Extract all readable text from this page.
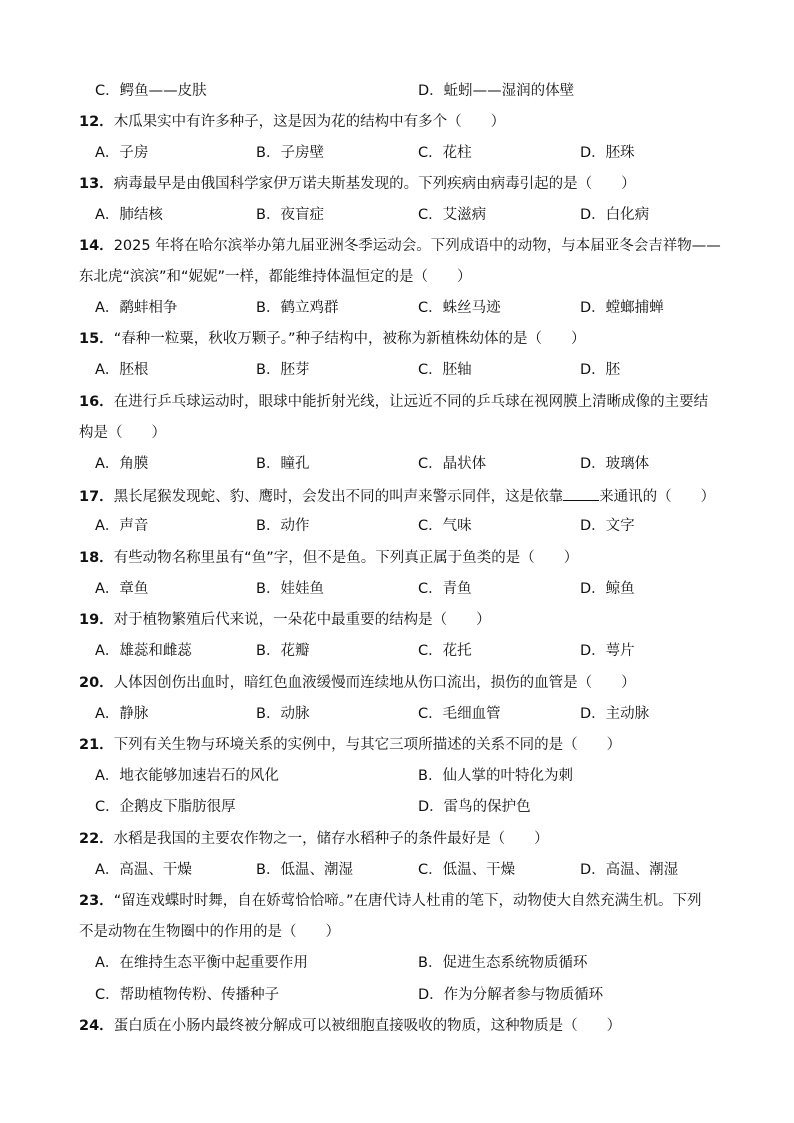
C．鳄鱼——皮肤	D．蚯蚓——湿润的体壁
12．木瓜果实中有许多种子，这是因为花的结构中有多个（　　）
A．子房	B．子房壁	C．花柱	D．胚珠
13．病毒最早是由俄国科学家伊万诺夫斯基发现的。下列疾病由病毒引起的是（　　）
A．肺结核	B．夜盲症	C．艾滋病	D．白化病
14．2025 年将在哈尔滨举办第九届亚洲冬季运动会。下列成语中的动物，与本届亚冬会吉祥物——
东北虎“滨滨”和“妮妮”一样，都能维持体温恒定的是（　　）
A．鹬蚌相争	B．鹤立鸡群	C．蛛丝马迹	D．螳螂捕蝉
15．“春种一粒粟，秋收万颗子。”种子结构中，被称为新植株幼体的是（　　）
A．胚根	B．胚芽	C．胚轴	D．胚
16．在进行乒乓球运动时，眼球中能折射光线，让远近不同的乒乓球在视网膜上清晰成像的主要结
构是（　　）
A．角膜	B．瞳孔	C．晶状体	D．玻璃体
17．黑长尾猴发现蛇、豹、鹰时，会发出不同的叫声来警示同伴，这是依靠 来通讯的（　　）
A．声音	B．动作	C．气味	D．文字
18．有些动物名称里虽有“鱼”字，但不是鱼。下列真正属于鱼类的是（　　）
A．章鱼	B．娃娃鱼	C．青鱼	D．鲸鱼
19．对于植物繁殖后代来说，一朵花中最重要的结构是（　　）
A．雄蕊和雌蕊	B．花瓣	C．花托	D．萼片
20．人体因创伤出血时，暗红色血液缓慢而连续地从伤口流出，损伤的血管是（　　）
A．静脉	B．动脉	C．毛细血管	D．主动脉
21．下列有关生物与环境关系的实例中，与其它三项所描述的关系不同的是（　　）
A．地衣能够加速岩石的风化	B．仙人掌的叶特化为刺
C．企鹅皮下脂肪很厚	D．雷鸟的保护色
22．水稻是我国的主要农作物之一，储存水稻种子的条件最好是（　　）
A．高温、干燥	B．低温、潮湿	C．低温、干燥	D．高温、潮湿
23．“留连戏蝶时时舞，自在娇莺恰恰啼。”在唐代诗人杜甫的笔下，动物使大自然充满生机。下列
不是动物在生物圈中的作用的是（　　）
A．在维持生态平衡中起重要作用	B．促进生态系统物质循环
C．帮助植物传粉、传播种子	D．作为分解者参与物质循环
24．蛋白质在小肠内最终被分解成可以被细胞直接吸收的物质，这种物质是（　　）
